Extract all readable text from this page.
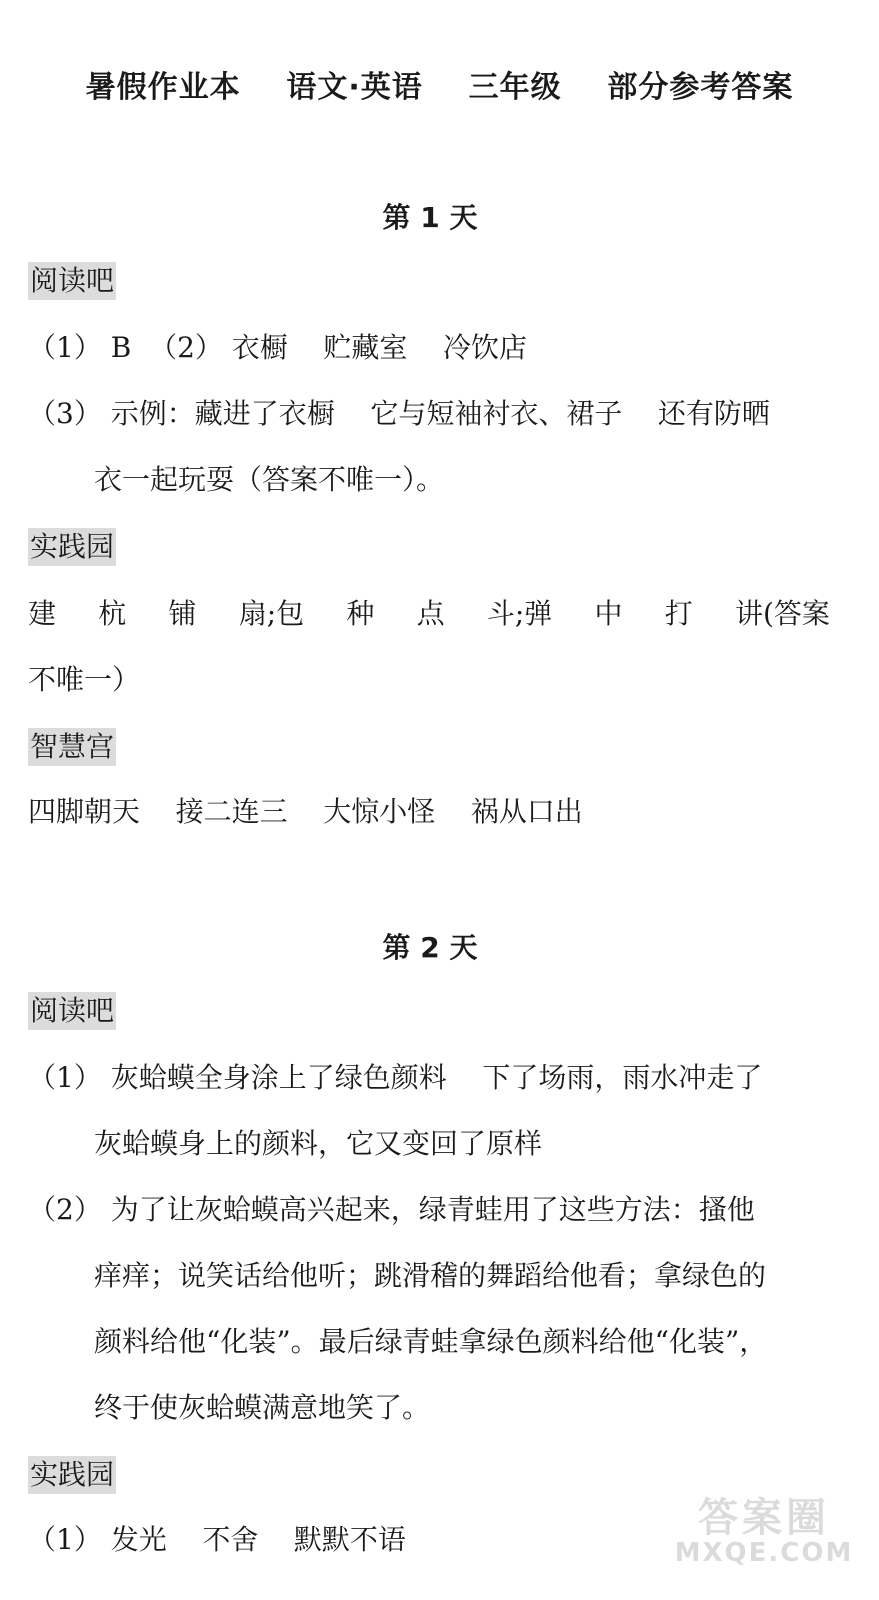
暑假作业本    语文·英语    三年级    部分参考答案
第 1 天
阅读吧
（1） B  （2） 衣橱    贮藏室    冷饮店
（3） 示例：藏进了衣橱    它与短袖衬衣、裙子    还有防晒
衣一起玩耍（答案不唯一）。
实践园
建 杭 铺 扇;包 种 点 斗;弹 中 打 讲(答案
不唯一）
智慧宫
四脚朝天    接二连三    大惊小怪    祸从口出
第 2 天
阅读吧
（1） 灰蛤蟆全身涂上了绿色颜料    下了场雨，雨水冲走了
灰蛤蟆身上的颜料，它又变回了原样
（2） 为了让灰蛤蟆高兴起来，绿青蛙用了这些方法：搔他
痒痒；说笑话给他听；跳滑稽的舞蹈给他看；拿绿色的
颜料给他“化装”。最后绿青蛙拿绿色颜料给他“化装”，
终于使灰蛤蟆满意地笑了。
实践园
（1） 发光    不舍    默默不语	答案圈
MXQE.COM
